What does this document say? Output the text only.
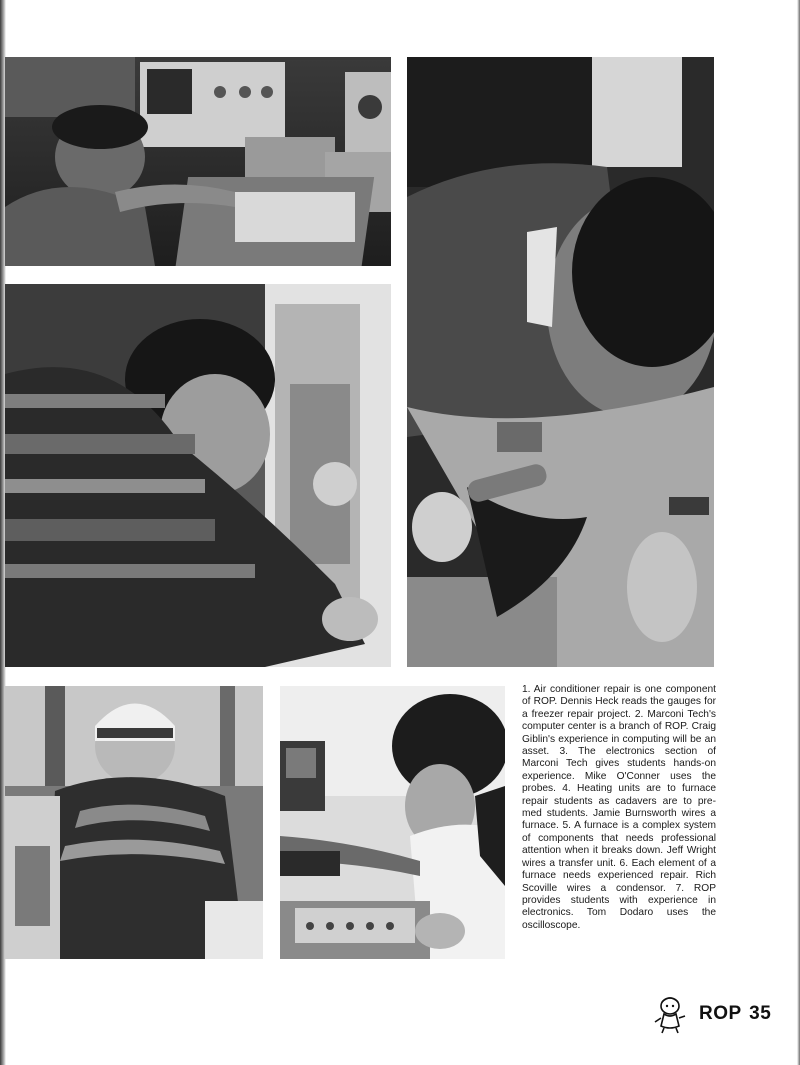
1. Air conditioner repair is one component of ROP. Dennis Heck reads the gauges for a freezer repair project. 2. Marconi Tech's computer center is a branch of ROP. Craig Giblin's experience in computing will be an asset. 3. The electronics section of Marconi Tech gives students hands-on experience. Mike O'Conner uses the probes. 4. Heating units are to furnace repair students as cadavers are to pre-med students. Jamie Burnsworth wires a furnace. 5. A furnace is a complex system of components that needs professional attention when it breaks down. Jeff Wright wires a transfer unit. 6. Each element of a furnace needs experienced repair. Rich Scoville wires a condensor. 7. ROP provides students with experience in electronics. Tom Dodaro uses the oscilloscope.

ROP 35
